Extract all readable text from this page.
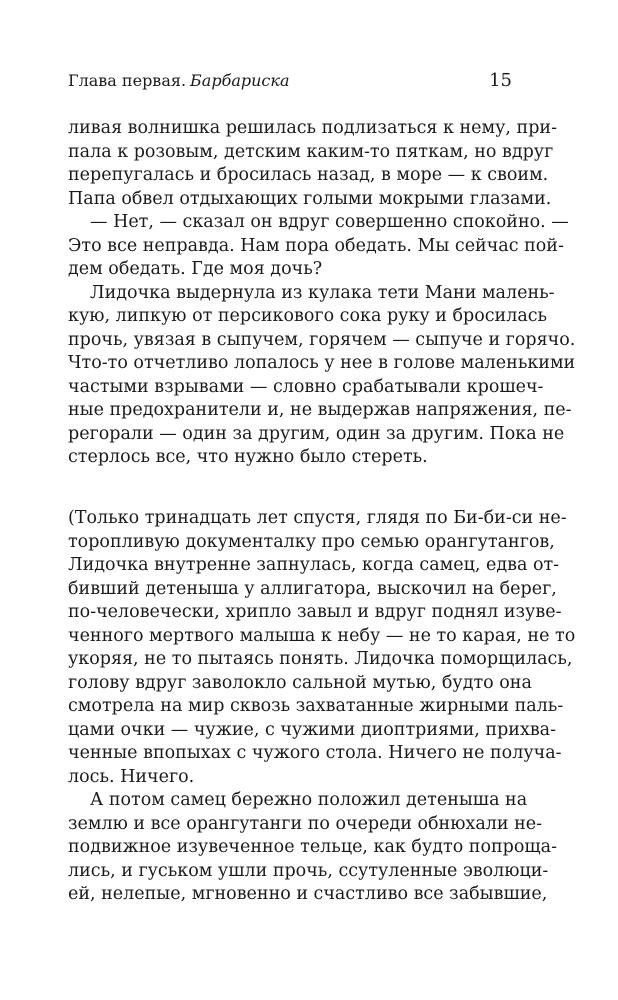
Глава первая. Барбариска	15
ливая волнишка решилась подлизаться к нему, при-
пала к розовым, детским каким-то пяткам, но вдруг
перепугалась и бросилась назад, в море — к своим.
Папа обвел отдыхающих голыми мокрыми глазами.
— Нет, — сказал он вдруг совершенно спокойно. —
Это все неправда. Нам пора обедать. Мы сейчас пой-
дем обедать. Где моя дочь?
Лидочка выдернула из кулака тети Мани малень-
кую, липкую от персикового сока руку и бросилась
прочь, увязая в сыпучем, горячем — сыпуче и горячо.
Что-то отчетливо лопалось у нее в голове маленькими
частыми взрывами — словно срабатывали крошеч-
ные предохранители и, не выдержав напряжения, пе-
регорали — один за другим, один за другим. Пока не
стерлось все, что нужно было стереть.
(Только тринадцать лет спустя, глядя по Би-би-си не-
торопливую документалку про семью орангутангов,
Лидочка внутренне запнулась, когда самец, едва от-
бивший детеныша у аллигатора, выскочил на берег,
по-человечески, хрипло завыл и вдруг поднял изуве-
ченного мертвого малыша к небу — не то карая, не то
укоряя, не то пытаясь понять. Лидочка поморщилась,
голову вдруг заволокло сальной мутью, будто она
смотрела на мир сквозь захватанные жирными паль-
цами очки — чужие, с чужими диоптриями, прихва-
ченные впопыхах с чужого стола. Ничего не получа-
лось. Ничего.
А потом самец бережно положил детеныша на
землю и все орангутанги по очереди обнюхали не-
подвижное изувеченное тельце, как будто попроща-
лись, и гуськом ушли прочь, ссутуленные эволюци-
ей, нелепые, мгновенно и счастливо все забывшие,
